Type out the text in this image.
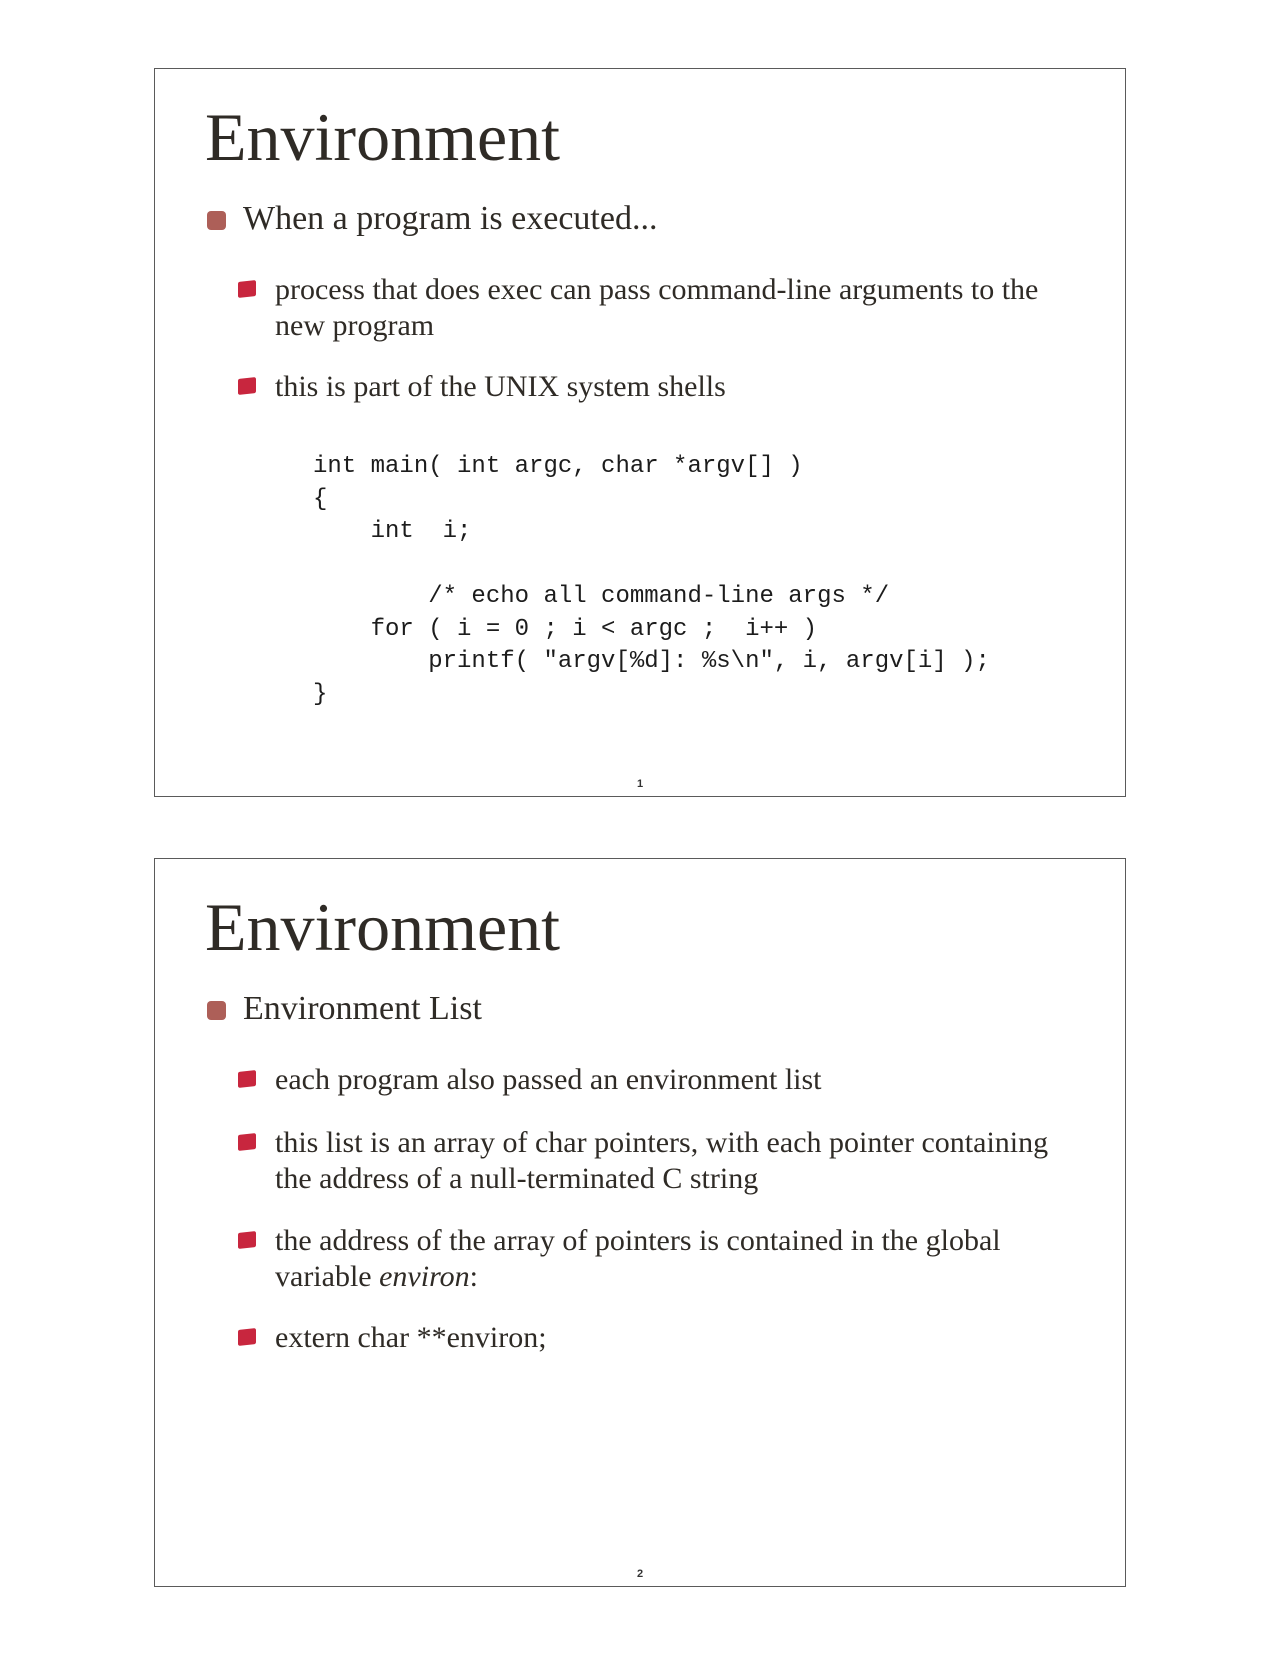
Environment
When a program is executed...
process that does exec can pass command-line arguments to the new program
this is part of the UNIX system shells
int main( int argc, char *argv[] )
{
int  i;
/* echo all command-line args */
for ( i = 0 ; i < argc ;  i++ )
printf( "argv[%d]: %s\n", i, argv[i] );
}
1
Environment
Environment List
each program also passed an environment list
this list is an array of char pointers, with each pointer containing the address of a null-terminated C string
the address of the array of pointers is contained in the global variable environ:
extern char **environ;
2
